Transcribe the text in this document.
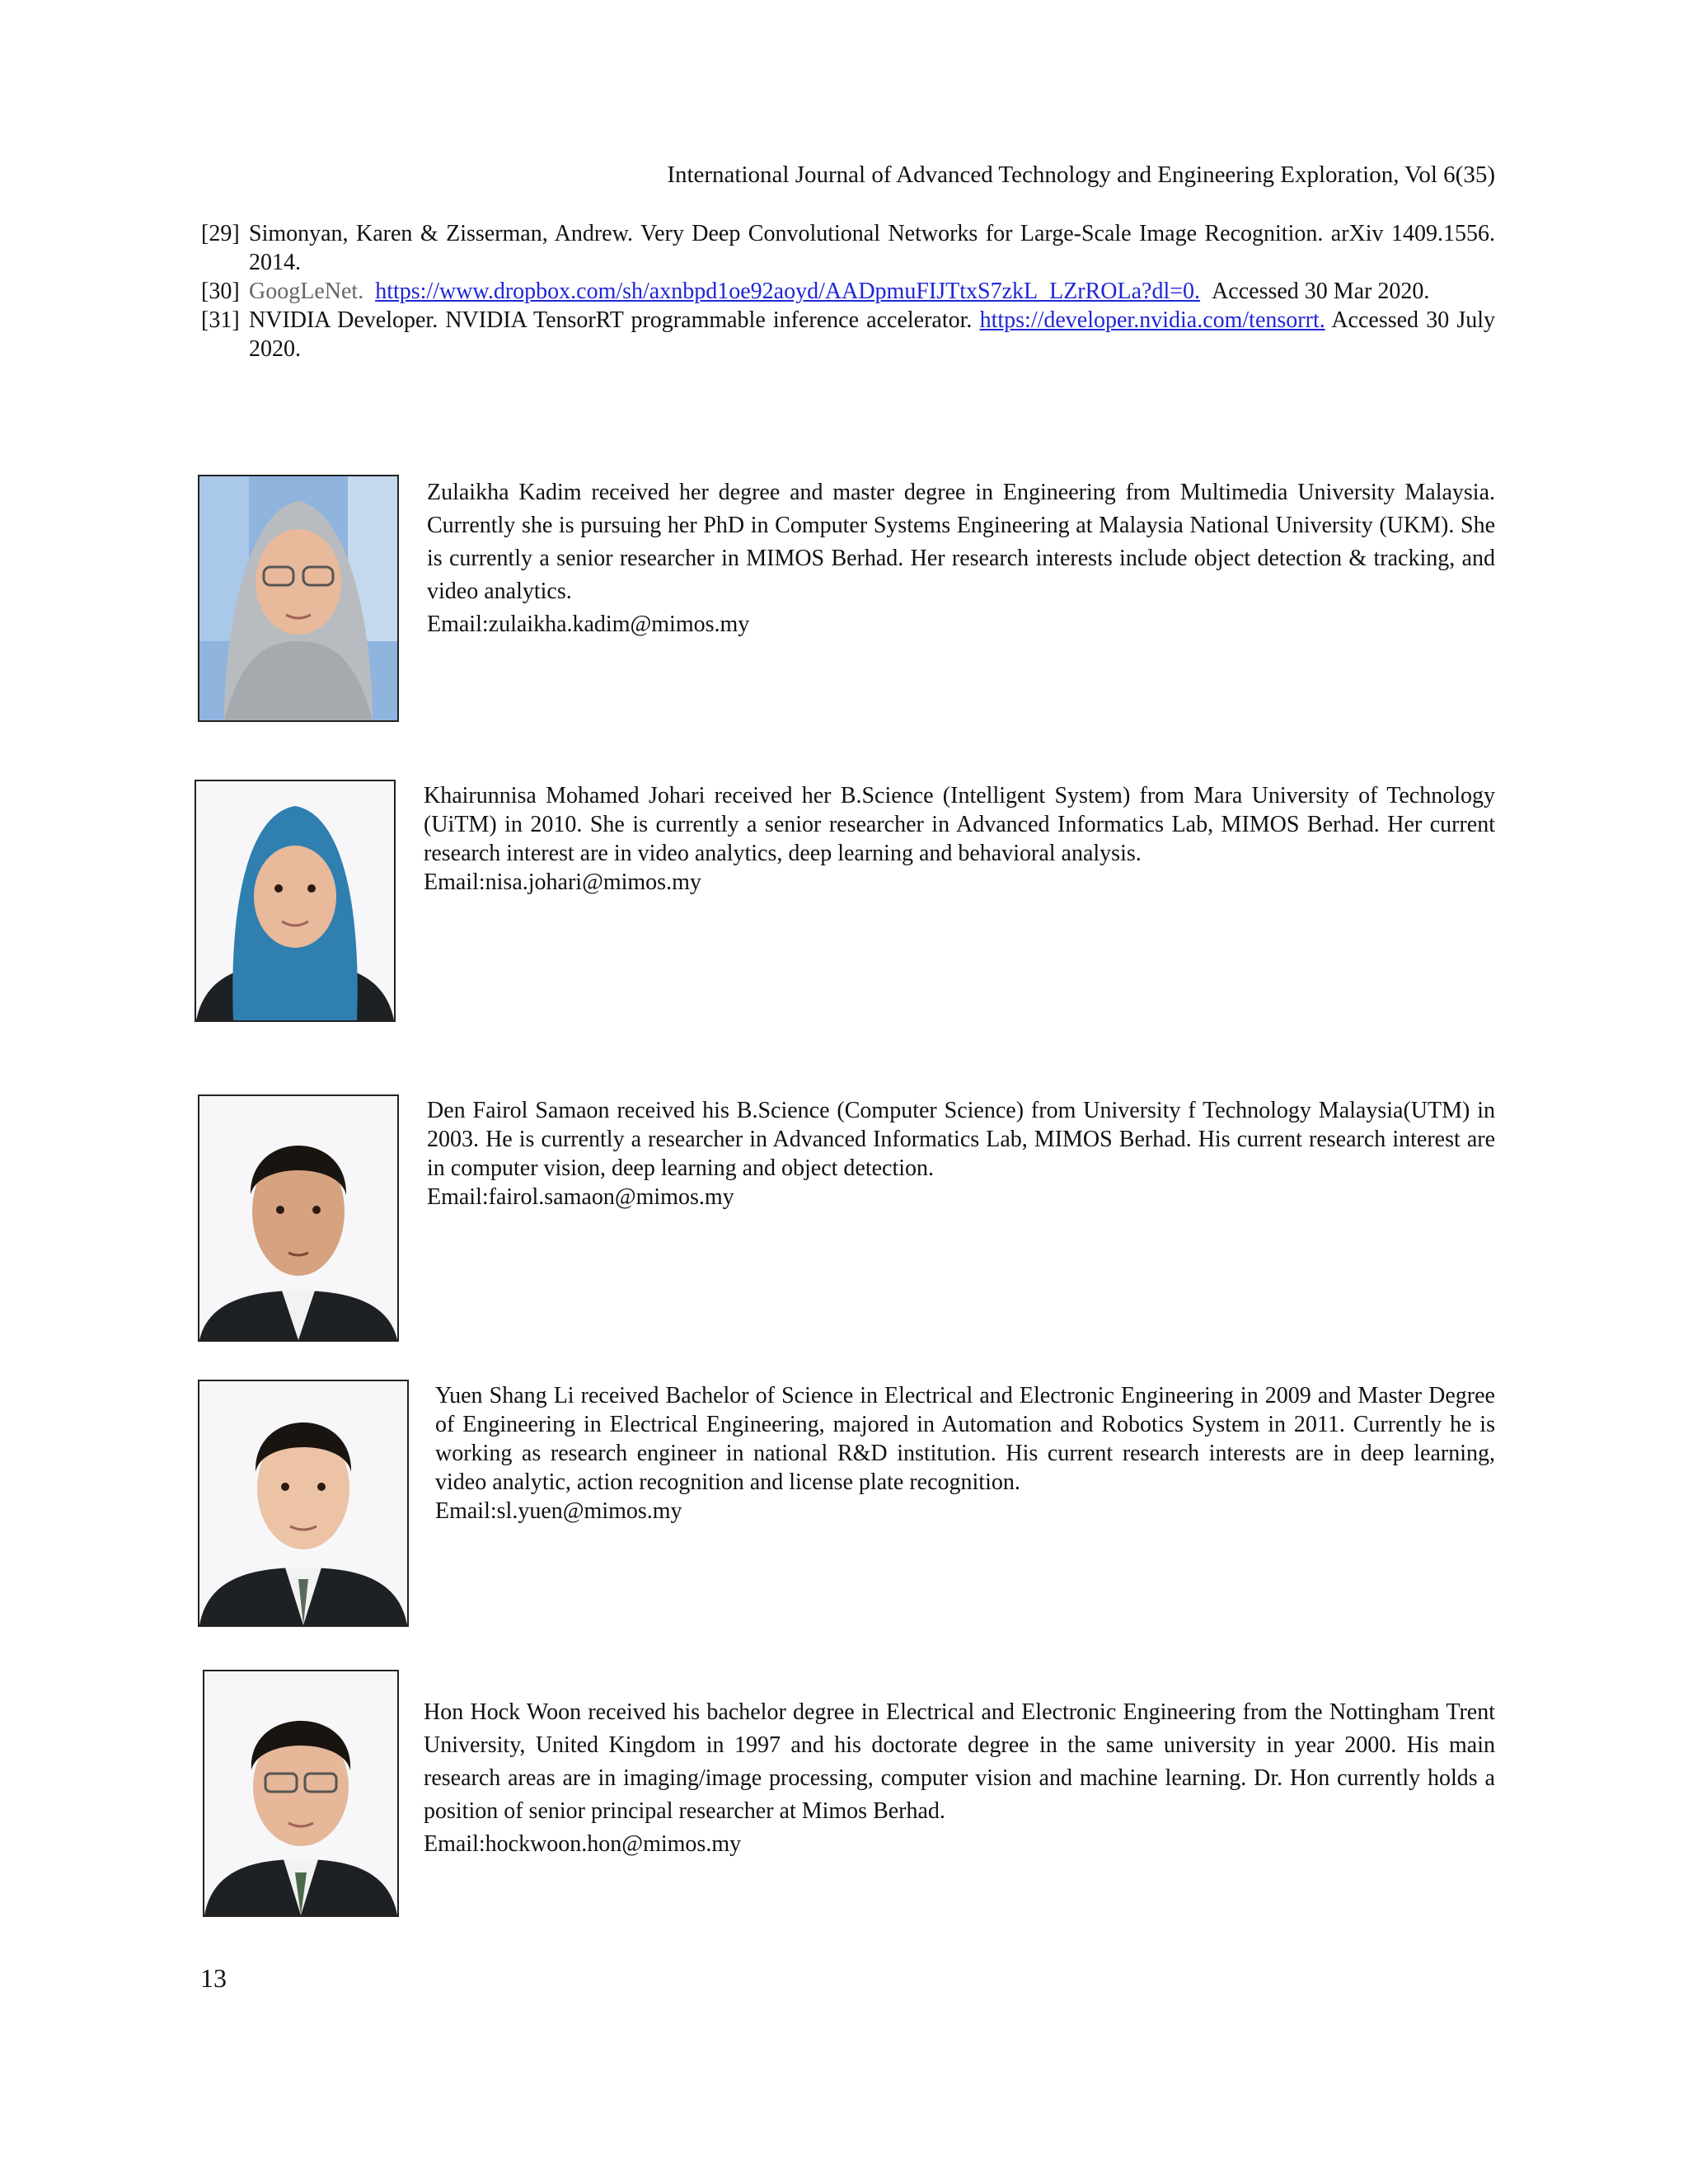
International Journal of Advanced Technology and Engineering Exploration, Vol 6(35)
[29] Simonyan, Karen & Zisserman, Andrew. Very Deep Convolutional Networks for Large-Scale Image Recognition. arXiv 1409.1556. 2014.
[30] GoogLeNet. https://www.dropbox.com/sh/axnbpd1oe92aoyd/AADpmuFIJTtxS7zkL_LZrROLa?dl=0. Accessed 30 Mar 2020.
[31] NVIDIA Developer. NVIDIA TensorRT programmable inference accelerator. https://developer.nvidia.com/tensorrt. Accessed 30 July 2020.
Zulaikha Kadim received her degree and master degree in Engineering from Multimedia University Malaysia. Currently she is pursuing her PhD in Computer Systems Engineering at Malaysia National University (UKM). She is currently a senior researcher in MIMOS Berhad. Her research interests include object detection & tracking, and video analytics.
Email:zulaikha.kadim@mimos.my
Khairunnisa Mohamed Johari received her B.Science (Intelligent System) from Mara University of Technology (UiTM) in 2010. She is currently a senior researcher in Advanced Informatics Lab, MIMOS Berhad. Her current research interest are in video analytics, deep learning and behavioral analysis.
Email:nisa.johari@mimos.my
Den Fairol Samaon received his B.Science (Computer Science) from University f Technology Malaysia(UTM) in 2003. He is currently a researcher in Advanced Informatics Lab, MIMOS Berhad. His current research interest are in computer vision, deep learning and object detection.
Email:fairol.samaon@mimos.my
Yuen Shang Li received Bachelor of Science in Electrical and Electronic Engineering in 2009 and Master Degree of Engineering in Electrical Engineering, majored in Automation and Robotics System in 2011. Currently he is working as research engineer in national R&D institution. His current research interests are in deep learning, video analytic, action recognition and license plate recognition.
Email:sl.yuen@mimos.my
Hon Hock Woon received his bachelor degree in Electrical and Electronic Engineering from the Nottingham Trent University, United Kingdom in 1997 and his doctorate degree in the same university in year 2000. His main research areas are in imaging/image processing, computer vision and machine learning. Dr. Hon currently holds a position of senior principal researcher at Mimos Berhad.
Email:hockwoon.hon@mimos.my
13
